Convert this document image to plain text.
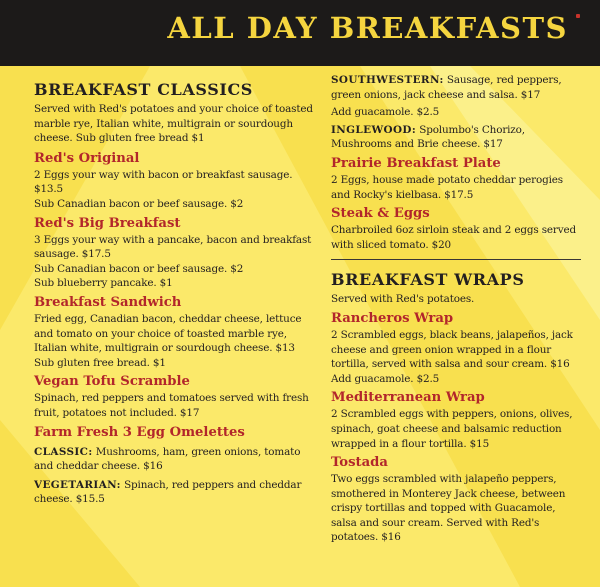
ALL DAY BREAKFASTS
BREAKFAST CLASSICS

Served with Red's potatoes and your choice of toasted marble rye, Italian white, multigrain or sourdough cheese. Sub gluten free bread $1

Red's Original

2 Eggs your way with bacon or breakfast sausage. $13.5

Sub Canadian bacon or beef sausage. $2

Red's Big Breakfast

3 Eggs your way with a pancake, bacon and breakfast sausage. $17.5

Sub Canadian bacon or beef sausage. $2

Sub blueberry pancake. $1

Breakfast Sandwich

Fried egg, Canadian bacon, cheddar cheese, lettuce and tomato on your choice of toasted marble rye, Italian white, multigrain or sourdough cheese. $13

Sub gluten free bread. $1

Vegan Tofu Scramble

Spinach, red peppers and tomatoes served with fresh fruit, potatoes not included. $17

Farm Fresh 3 Egg Omelettes

CLASSIC: Mushrooms, ham, green onions, tomato and cheddar cheese. $16

VEGETARIAN: Spinach, red peppers and cheddar cheese. $15.5

SOUTHWESTERN: Sausage, red peppers, green onions, jack cheese and salsa. $17

Add guacamole. $2.5

INGLEWOOD: Spolumbo's Chorizo, Mushrooms and Brie cheese. $17

Prairie Breakfast Plate

2 Eggs, house made potato cheddar perogies and Rocky's kielbasa. $17.5

Steak & Eggs

Charbroiled 6oz sirloin steak and 2 eggs served with sliced tomato. $20

BREAKFAST WRAPS

Served with Red's potatoes.

Rancheros Wrap

2 Scrambled eggs, black beans, jalapeños, jack cheese and green onion wrapped in a flour tortilla, served with salsa and sour cream. $16

Add guacamole. $2.5

Mediterranean Wrap

2 Scrambled eggs with peppers, onions, olives, spinach, goat cheese and balsamic reduction wrapped in a flour tortilla. $15

Tostada

Two eggs scrambled with jalapeño peppers, smothered in Monterey Jack cheese, between crispy tortillas and topped with Guacamole, salsa and sour cream. Served with Red's potatoes. $16
